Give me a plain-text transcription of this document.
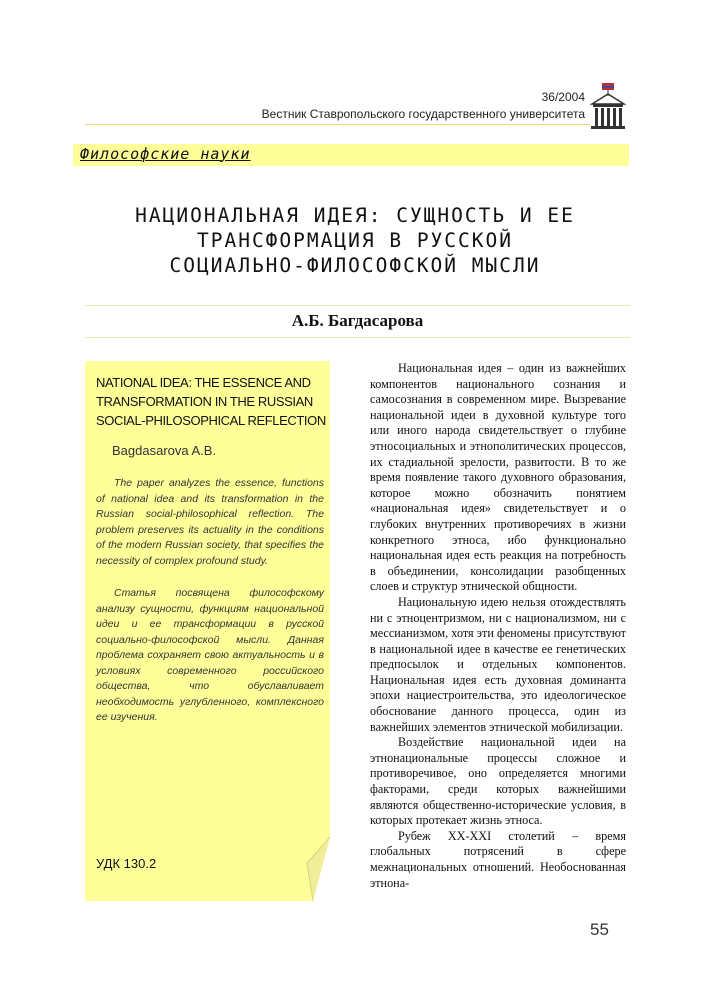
36/2004
Вестник Ставропольского государственного университета
Философские науки
НАЦИОНАЛЬНАЯ ИДЕЯ: СУЩНОСТЬ И ЕЕ
ТРАНСФОРМАЦИЯ В РУССКОЙ
СОЦИАЛЬНО-ФИЛОСОФСКОЙ МЫСЛИ
А.Б. Багдасарова
NATIONAL IDEA: THE ESSENCE AND TRANSFORMATION IN THE RUSSIAN SOCIAL-PHILOSOPHICAL REFLECTION
Bagdasarova A.B.
The paper analyzes the essence, functions of national idea and its transformation in the Russian social-philosophical reflection. The problem preserves its actuality in the conditions of the modern Russian society, that specifies the necessity of complex profound study.
Статья посвящена философскому анализу сущности, функциям национальной идеи и ее трансформации в русской социально-философской мысли. Данная проблема сохраняет свою актуальность и в условиях современного российского общества, что обуславливает необходимость углубленного, комплексного ее изучения.
УДК 130.2

Национальная идея – один из важнейших компонентов национального сознания и самосознания в современном мире. Вызревание национальной идеи в духовной культуре того или иного народа свидетельствует о глубине этносоциальных и этнополитических процессов, их стадиальной зрелости, развитости. В то же время появление такого духовного образования, которое можно обозначить понятием «национальная идея» свидетельствует и о глубоких внутренних противоречиях в жизни конкретного этноса, ибо функционально национальная идея есть реакция на потребность в объединении, консолидации разобщенных слоев и структур этнической общности.

Национальную идею нельзя отождествлять ни с этноцентризмом, ни с национализмом, ни с мессианизмом, хотя эти феномены присутствуют в национальной идее в качестве ее генетических предпосылок и отдельных компонентов. Национальная идея есть духовная доминанта эпохи нациестроительства, это идеологическое обоснование данного процесса, один из важнейших элементов этнической мобилизации.

Воздействие национальной идеи на этнонациональные процессы сложное и противоречивое, оно определяется многими факторами, среди которых важнейшими являются общественно-исторические условия, в которых протекает жизнь этноса.

Рубеж XX-XXI столетий – время глобальных потрясений в сфере межнациональных отношений. Необоснованная этнона-

55
